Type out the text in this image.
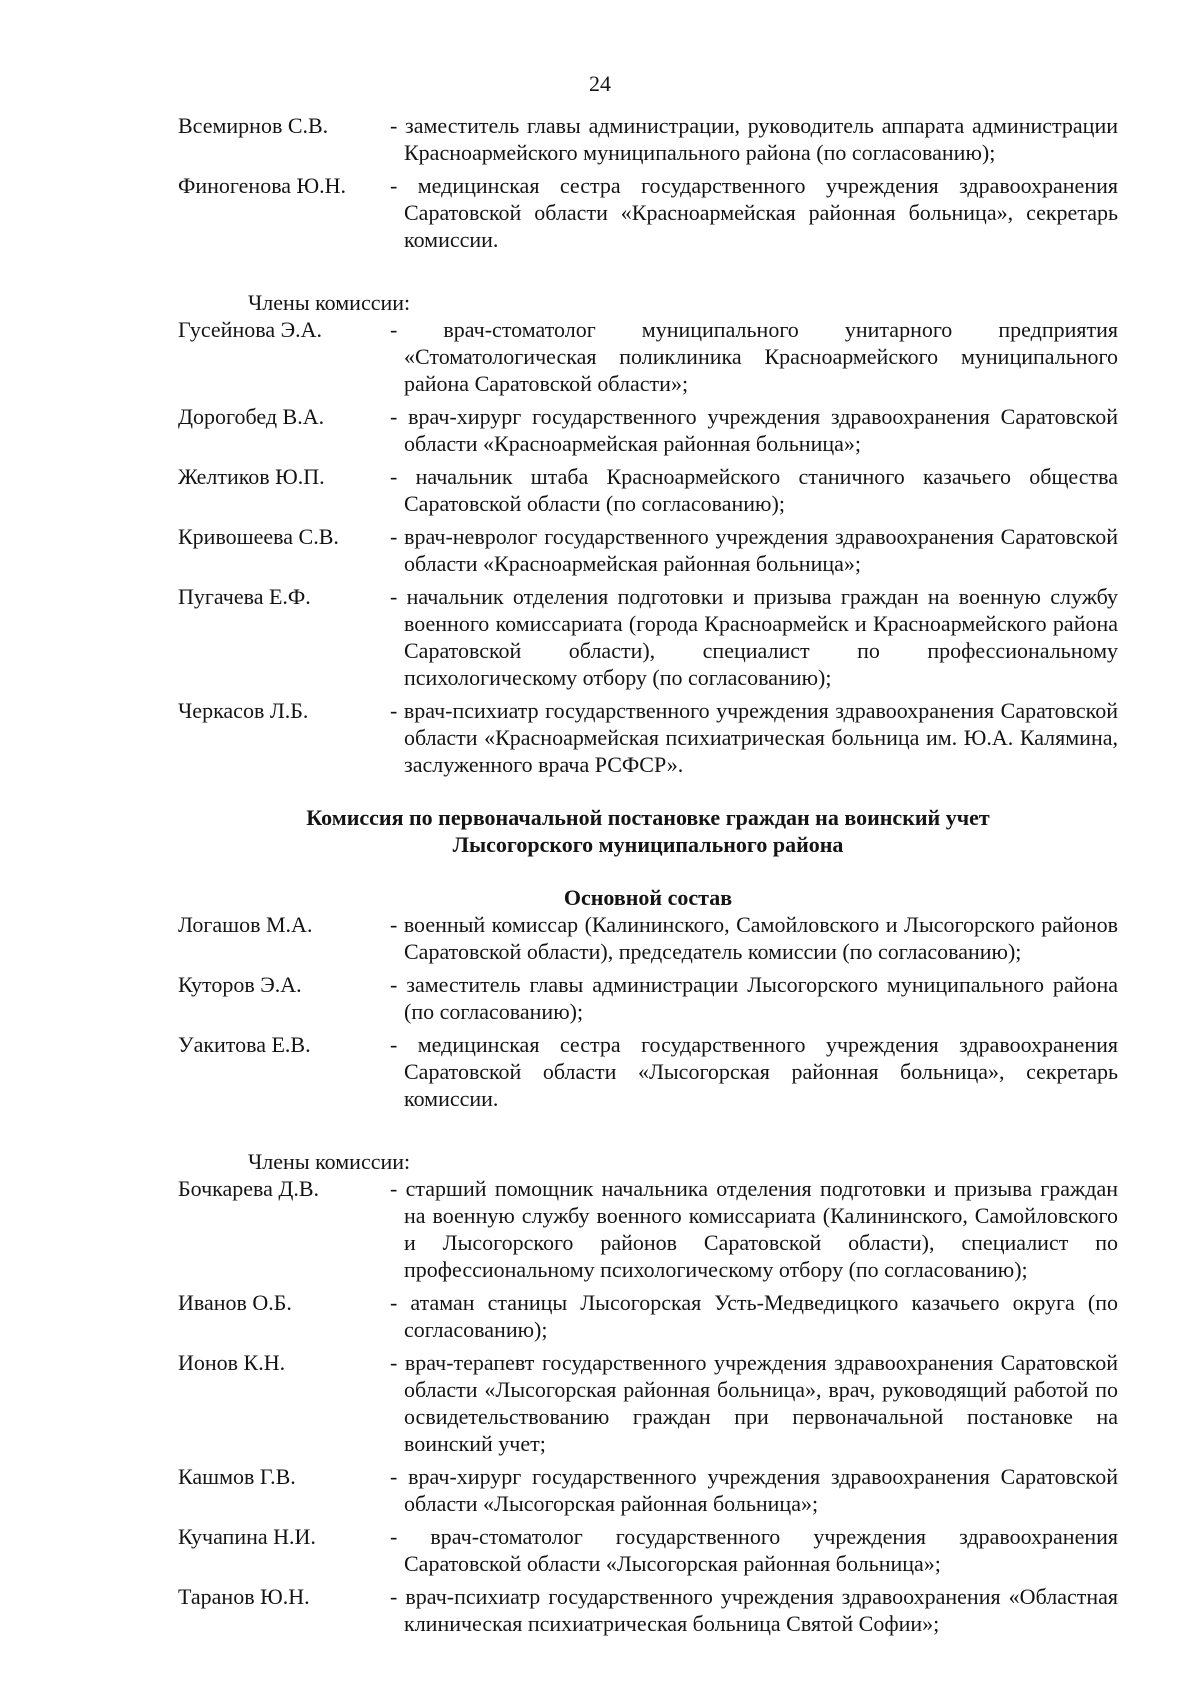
24
Всемирнов С.В.	- заместитель главы администрации, руководитель аппарата администрации Красноармейского муниципального района (по согласованию);
Финогенова Ю.Н.	- медицинская сестра государственного учреждения здравоохранения Саратовской области «Красноармейская районная больница», секретарь комиссии.
Члены комиссии:
Гусейнова Э.А.	- врач-стоматолог муниципального унитарного предприятия «Стоматологическая поликлиника Красноармейского муниципального района Саратовской области»;
Дорогобед В.А.	- врач-хирург государственного учреждения здравоохранения Саратовской области «Красноармейская районная больница»;
Желтиков Ю.П.	- начальник штаба Красноармейского станичного казачьего общества Саратовской области (по согласованию);
Кривошеева С.В.	- врач-невролог государственного учреждения здравоохранения Саратовской области «Красноармейская районная больница»;
Пугачева Е.Ф.	- начальник отделения подготовки и призыва граждан на военную службу военного комиссариата (города Красноармейск и Красноармейского района Саратовской области), специалист по профессиональному психологическому отбору (по согласованию);
Черкасов Л.Б.	- врач-психиатр государственного учреждения здравоохранения Саратовской области «Красноармейская психиатрическая больница им. Ю.А. Калямина, заслуженного врача РСФСР».
Комиссия по первоначальной постановке граждан на воинский учет
Лысогорского муниципального района
Основной состав
Логашов М.А.	- военный комиссар (Калининского, Самойловского и Лысогорского районов Саратовской области), председатель комиссии (по согласованию);
Куторов Э.А.	- заместитель главы администрации Лысогорского муниципального района (по согласованию);
Уакитова Е.В.	- медицинская сестра государственного учреждения здравоохранения Саратовской области «Лысогорская районная больница», секретарь комиссии.
Члены комиссии:
Бочкарева Д.В.	- старший помощник начальника отделения подготовки и призыва граждан на военную службу военного комиссариата (Калининского, Самойловского и Лысогорского районов Саратовской области), специалист по профессиональному психологическому отбору (по согласованию);
Иванов О.Б.	- атаман станицы Лысогорская Усть-Медведицкого казачьего округа (по согласованию);
Ионов К.Н.	- врач-терапевт государственного учреждения здравоохранения Саратовской области «Лысогорская районная больница», врач, руководящий работой по освидетельствованию граждан при первоначальной постановке на воинский учет;
Кашмов Г.В.	- врач-хирург государственного учреждения здравоохранения Саратовской области «Лысогорская районная больница»;
Кучапина Н.И.	- врач-стоматолог государственного учреждения здравоохранения Саратовской области «Лысогорская районная больница»;
Таранов Ю.Н.	- врач-психиатр государственного учреждения здравоохранения «Областная клиническая психиатрическая больница Святой Софии»;
